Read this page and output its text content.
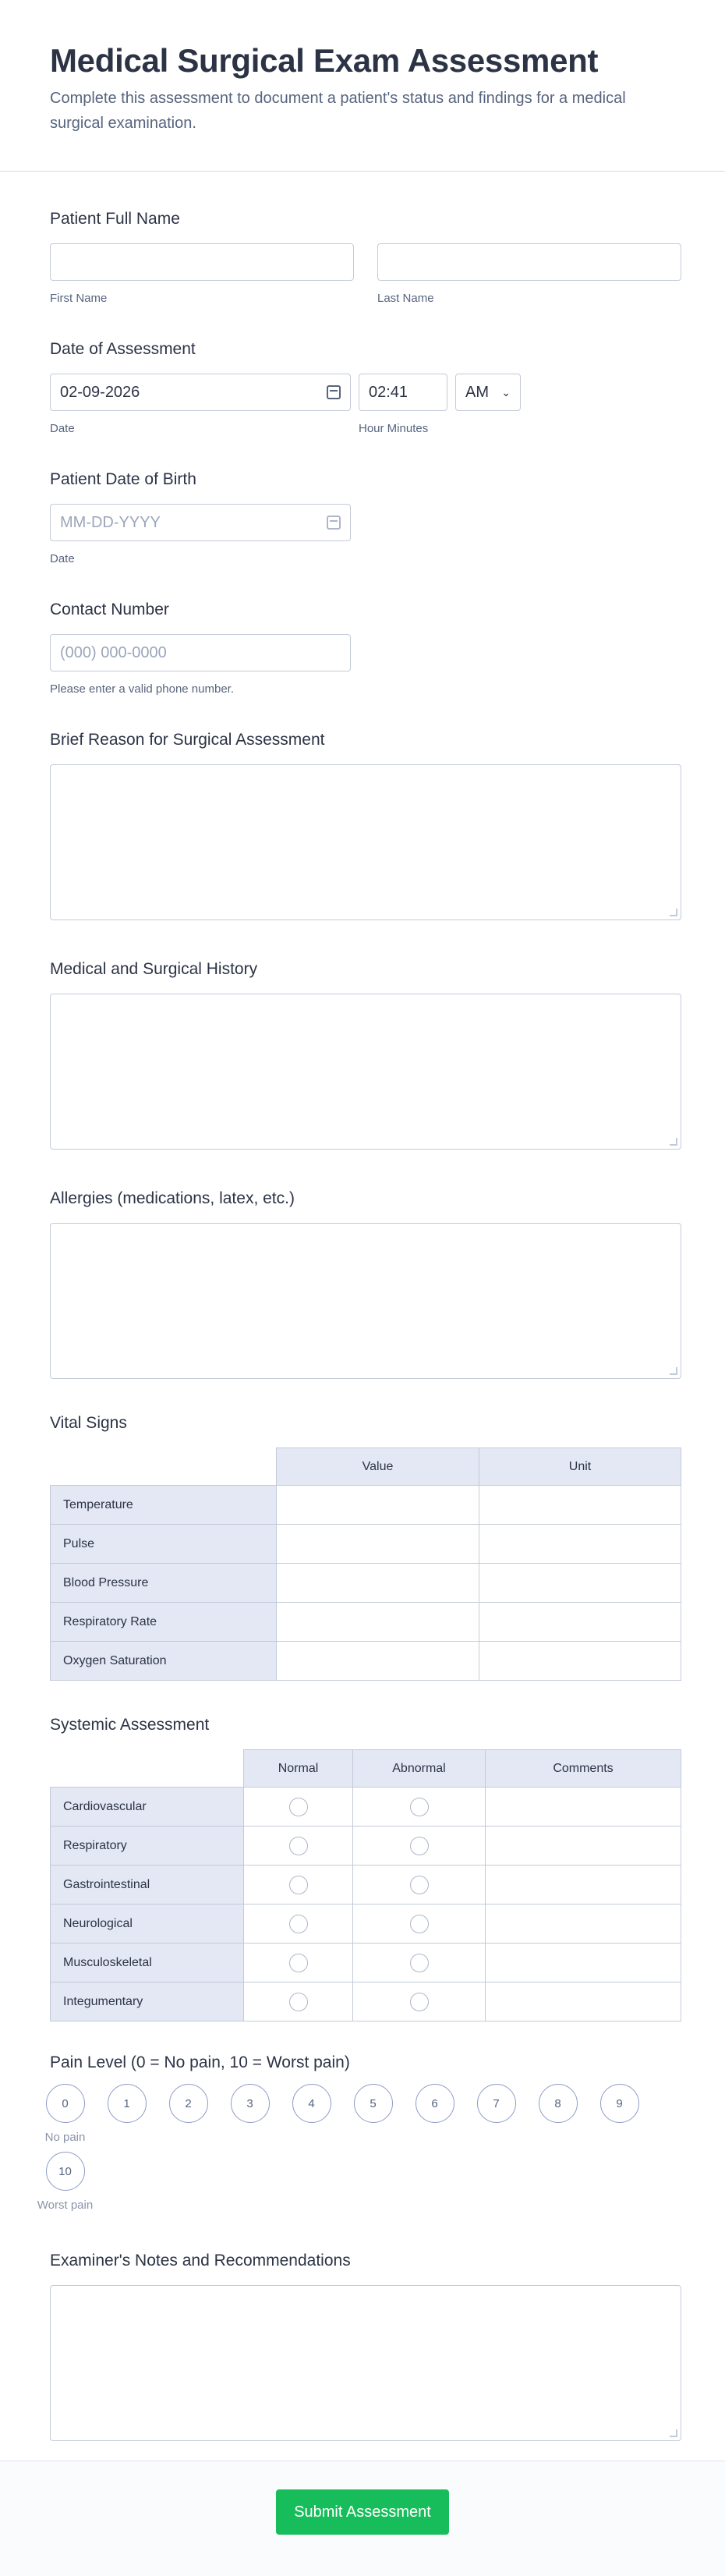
Medical Surgical Exam Assessment

Complete this assessment to document a patient's status and findings for a medical surgical examination.

Patient Full Name
First Name	Last Name
Date of Assessment
02-09-2026
Date
02:41	AM ⌄
Hour Minutes
Patient Date of Birth
MM-DD-YYYY
Date
Contact Number
(000) 000-0000
Please enter a valid phone number.
Brief Reason for Surgical Assessment
Medical and Surgical History
Allergies (medications, latex, etc.)
Vital Signs
	Value	Unit
Temperature		
Pulse		
Blood Pressure		
Respiratory Rate		
Oxygen Saturation		
Systemic Assessment
	Normal	Abnormal	Comments
Cardiovascular			
Respiratory			
Gastrointestinal			
Neurological			
Musculoskeletal			
Integumentary			
Pain Level (0 = No pain, 10 = Worst pain)
0
No pain
1	2	3	4	5	6	7	8	9
10
Worst pain
Examiner's Notes and Recommendations
Submit Assessment
